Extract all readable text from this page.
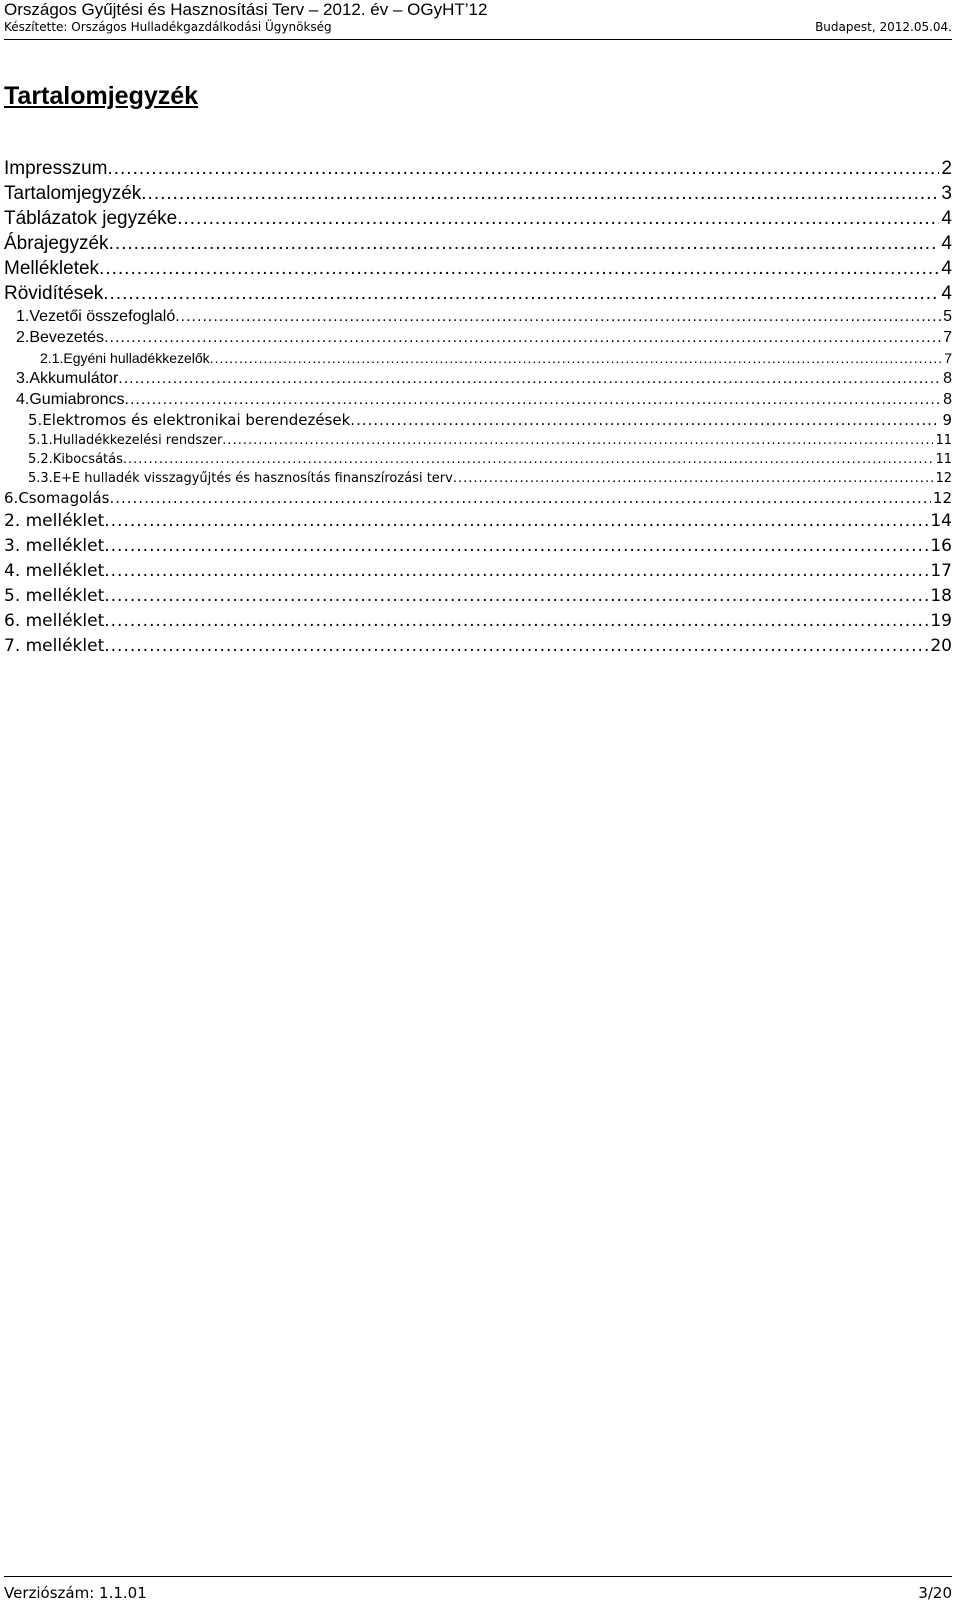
Országos Gyűjtési és Hasznosítási Terv – 2012. év – OGyHT’12
Készítette: Országos Hulladékgazdálkodási Ügynökség	Budapest, 2012.05.04.
Tartalomjegyzék
Impresszum .....	2
Tartalomjegyzék .....	3
Táblázatok jegyzéke .....	4
Ábrajegyzék .....	4
Mellékletek .....	4
Rövidítések .....	4
1. Vezetői összefoglaló .....	5
2. Bevezetés .....	7
2.1. Egyéni hulladékkezelők .....	7
3. Akkumulátor .....	8
4. Gumiabroncs .....	8
5. Elektromos és elektronikai berendezések .....	9
5.1. Hulladékkezelési rendszer .....	11
5.2. Kibocsátás .....	11
5.3. E+E hulladék visszagyűjtés és hasznosítás finanszírozási terv .....	12
6. Csomagolás .....	12
2. melléklet .....	14
3. melléklet .....	16
4. melléklet .....	17
5. melléklet .....	18
6. melléklet .....	19
7. melléklet .....	20
Verziószám: 1.1.01	3/20
